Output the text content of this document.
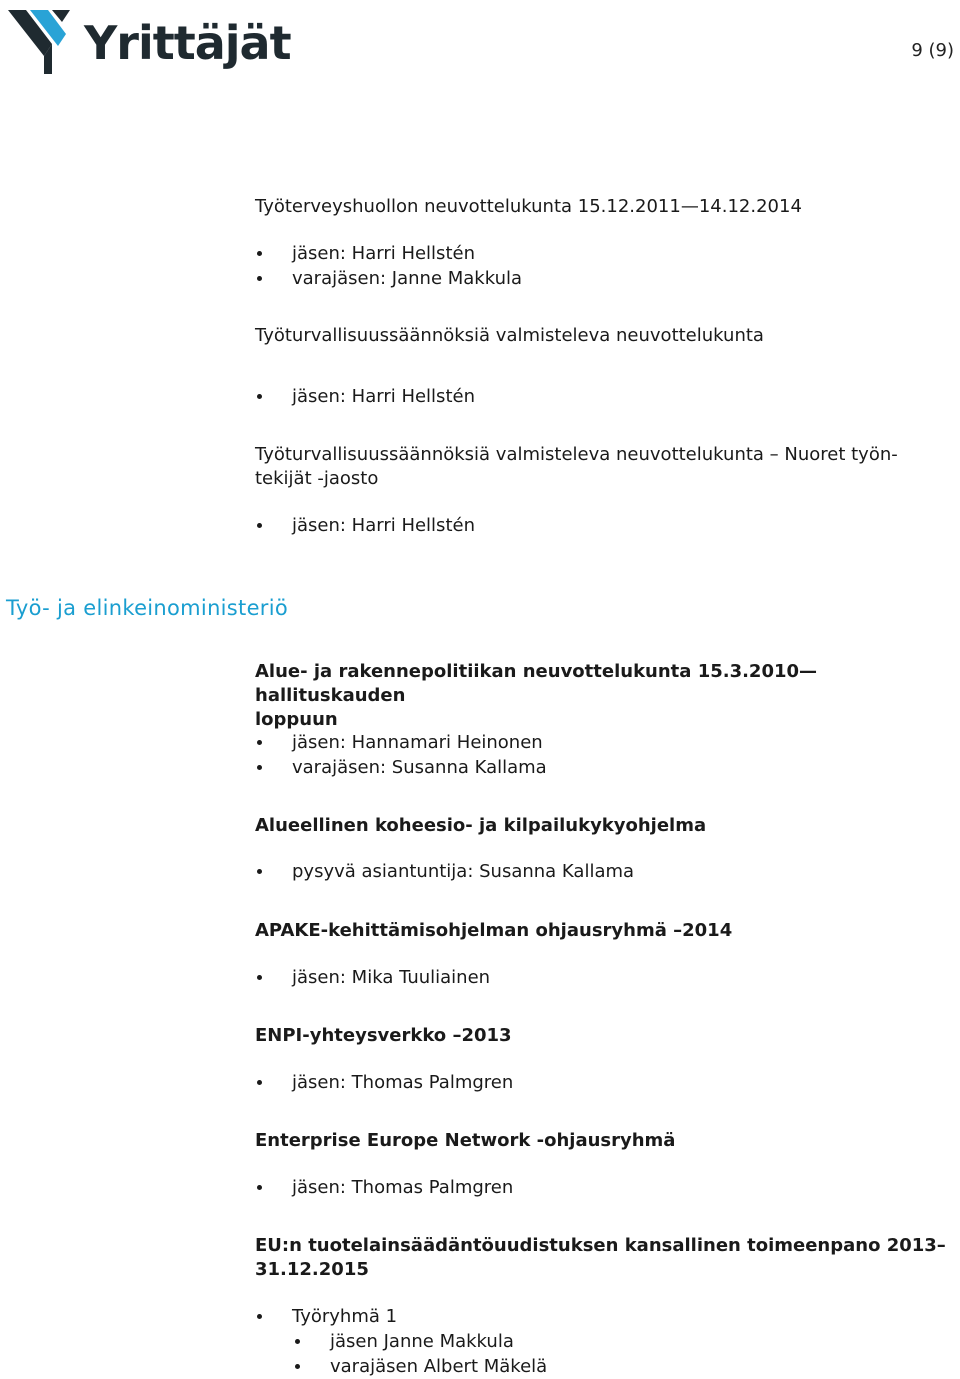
Yrittäjät	9 (9)
Työterveyshuollon neuvottelukunta 15.12.2011—14.12.2014
jäsen: Harri Hellstén
varajäsen: Janne Makkula
Työturvallisuussäännöksiä valmisteleva neuvottelukunta
jäsen: Harri Hellstén
Työturvallisuussäännöksiä valmisteleva neuvottelukunta – Nuoret työn-
tekijät -jaosto
jäsen: Harri Hellstén
Työ- ja elinkeinoministeriö
Alue- ja rakennepolitiikan neuvottelukunta 15.3.2010—hallituskauden
loppuun
jäsen: Hannamari Heinonen
varajäsen: Susanna Kallama
Alueellinen koheesio- ja kilpailukykyohjelma
pysyvä asiantuntija: Susanna Kallama
APAKE-kehittämisohjelman ohjausryhmä –2014
jäsen: Mika Tuuliainen
ENPI-yhteysverkko –2013
jäsen: Thomas Palmgren
Enterprise Europe Network -ohjausryhmä
jäsen: Thomas Palmgren
EU:n tuotelainsäädäntöuudistuksen kansallinen toimeenpano 2013–
31.12.2015
Työryhmä 1
jäsen Janne Makkula
varajäsen Albert Mäkelä
